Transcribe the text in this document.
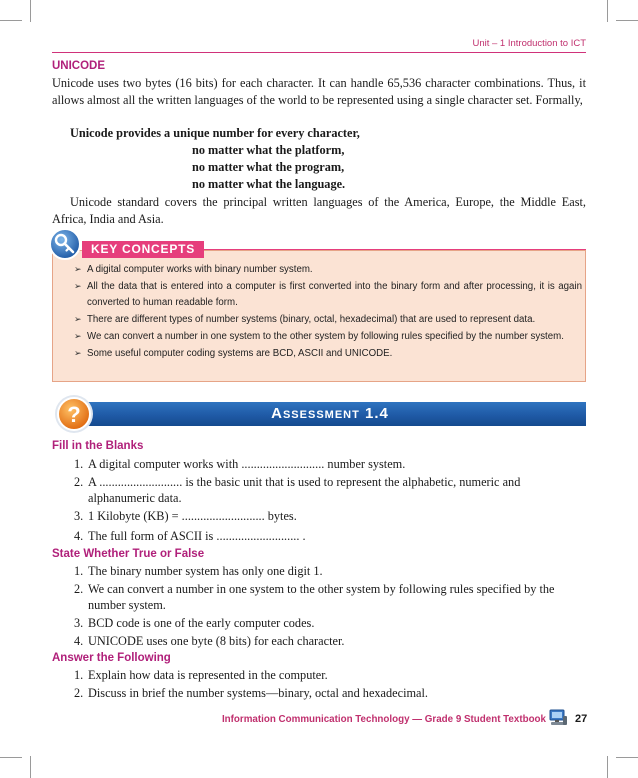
Unit – 1 Introduction to ICT
UNICODE

Unicode uses two bytes (16 bits) for each character. It can handle 65,536 character combinations. Thus, it allows almost all the written languages of the world to be represented using a single character set. Formally,

Unicode provides a unique number for every character,
no matter what the platform,
no matter what the program,
no matter what the language.

Unicode standard covers the principal written languages of the America, Europe, the Middle East, Africa, India and Asia.

KEY CONCEPTS
➢ A digital computer works with binary number system.
➢ All the data that is entered into a computer is first converted into the binary form and after processing, it is again converted to human readable form.
➢ There are different types of number systems (binary, octal, hexadecimal) that are used to represent data.
➢ We can convert a number in one system to the other system by following rules specified by the number system.
➢ Some useful computer coding systems are BCD, ASCII and UNICODE.
Assessment 1.4
?
Fill in the Blanks
1. A digital computer works with ........................... number system.
2. A ........................... is the basic unit that is used to represent the alphabetic, numeric and alphanumeric data.
3. 1 Kilobyte (KB) = ........................... bytes.
4. The full form of ASCII is ........................... .
State Whether True or False
1. The binary number system has only one digit 1.
2. We can convert a number in one system to the other system by following rules specified by the number system.
3. BCD code is one of the early computer codes.
4. UNICODE uses one byte (8 bits) for each character.
Answer the Following
1. Explain how data is represented in the computer.
2. Discuss in brief the number systems—binary, octal and hexadecimal.
Information Communication Technology — Grade 9 Student Textbook	27
